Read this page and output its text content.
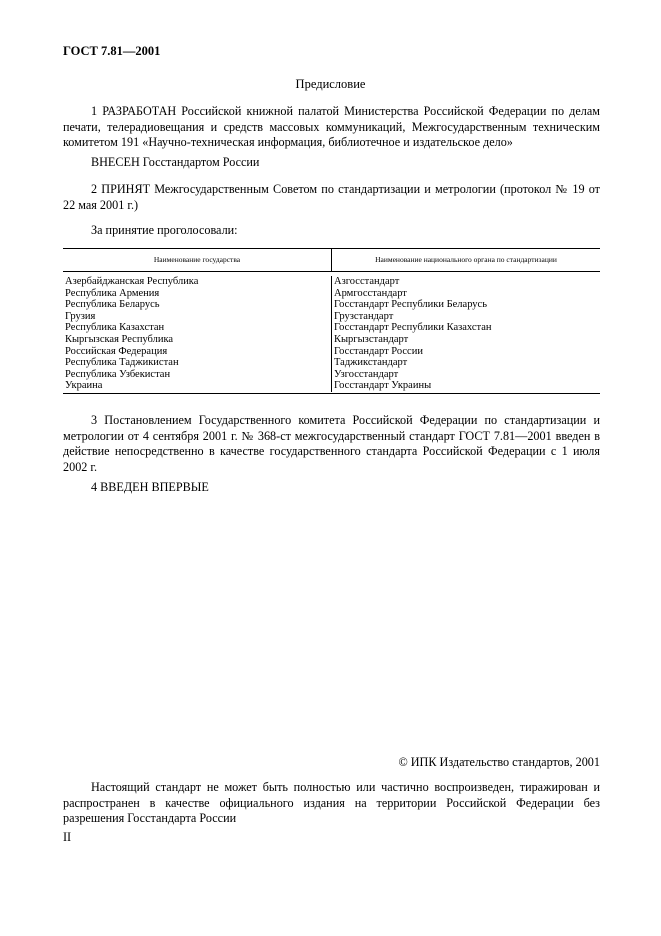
ГОСТ 7.81—2001
Предисловие
1 РАЗРАБОТАН Российской книжной палатой Министерства Российской Федерации по делам печати, телерадиовещания и средств массовых коммуникаций, Межгосударственным техническим комитетом 191 «Научно-техническая информация, библиотечное и издательское дело»
ВНЕСЕН Госстандартом России
2 ПРИНЯТ Межгосударственным Советом по стандартизации и метрологии (протокол № 19 от 22 мая 2001 г.)
За принятие проголосовали:
Наименование государства	Наименование национального органа по стандартизации
Азербайджанская Республика
Республика Армения
Республика Беларусь
Грузия
Республика Казахстан
Кыргызская Республика
Российская Федерация
Республика Таджикистан
Республика Узбекистан
Украина
Азгосстандарт
Армгосстандарт
Госстандарт Республики Беларусь
Грузстандарт
Госстандарт Республики Казахстан
Кыргызстандарт
Госстандарт России
Таджикстандарт
Узгосстандарт
Госстандарт Украины
3 Постановлением Государственного комитета Российской Федерации по стандартизации и метрологии от 4 сентября 2001 г. № 368-ст межгосударственный стандарт ГОСТ 7.81—2001 введен в действие непосредственно в качестве государственного стандарта Российской Федерации с 1 июля 2002 г.
4 ВВЕДЕН ВПЕРВЫЕ
© ИПК Издательство стандартов, 2001
Настоящий стандарт не может быть полностью или частично воспроизведен, тиражирован и распространен в качестве официального издания на территории Российской Федерации без разрешения Госстандарта России
II
